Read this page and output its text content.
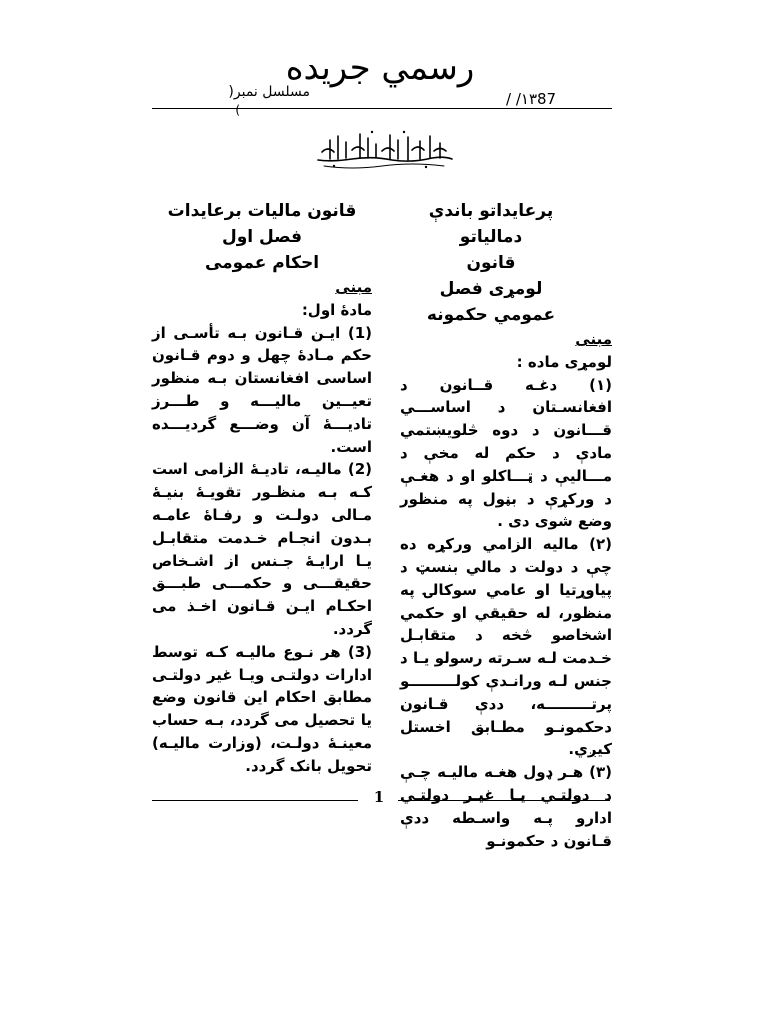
رسمي جريده
مسلسل نمبر(
)
/ /١٣87
پرعايداتو باندې دمالياتو
قانون
لومړی فصل
عمومي حكمونه
مبنی
لومړی ماده :

(١) دغـه قــانون د افغانسـتان د اساســـي قـــانون د دوه څلويښتمي مادې د حكم له مخې د مـــاليې د ټـــاكلو او د هغـې د وركړې د بڼول په منظور وضع شوی دی .

(٢) ماليه الزامي وركړه ده چې د دولت د مالي بنسټ د پياوړتيا او عامي سوكالۍ په منظور، له حقيقي او حكمي اشخاصو څخه د متقابـل خـدمت لـه سـرته رسولو يـا د جنس لـه ورانـدې كولـــــــــو پرتـــــــــه، ددې قـانون دحكمونـو مطـابق اخستل كيږي.

(٣) هـر ډول هغـه ماليـه چـې د دولتـي يـا غيـر دولتـي ادارو پـه واسـطه ددې قـانون د حكمونـو

قانون ماليات برعايدات
فصل اول
احكام عمومى
مبنى
مادۀ اول:

(1) ايـن قـانون بـه تأسـى از حكم مـادۀ چهل و دوم قـانون اساسى افغانستان بـه منظور تعيــين ماليـــه و طـــرز تاديـــۀ آن وضـــع گرديـــده است.

(2) ماليـه، تاديـۀ الزامى است كـه بـه منظـور تقويـۀ بنيـۀ مـالى دولـت و رفـاۀ عامـه بـدون انجـام خـدمت متقابـل يـا ارايـۀ جـنس از اشـخاص حقيقـــى و حكمـــى طبـــق احكـام ايـن قـانون اخـذ مى گردد.

(3) هر نـوع ماليـه كـه توسط ادارات دولتـى ويـا غير دولتـى مطابق احكام اين قانون وضع يا تحصيل مى گردد، بـه حساب معينـۀ دولـت، (وزارت ماليـه) تحويل بانک گردد.

1
